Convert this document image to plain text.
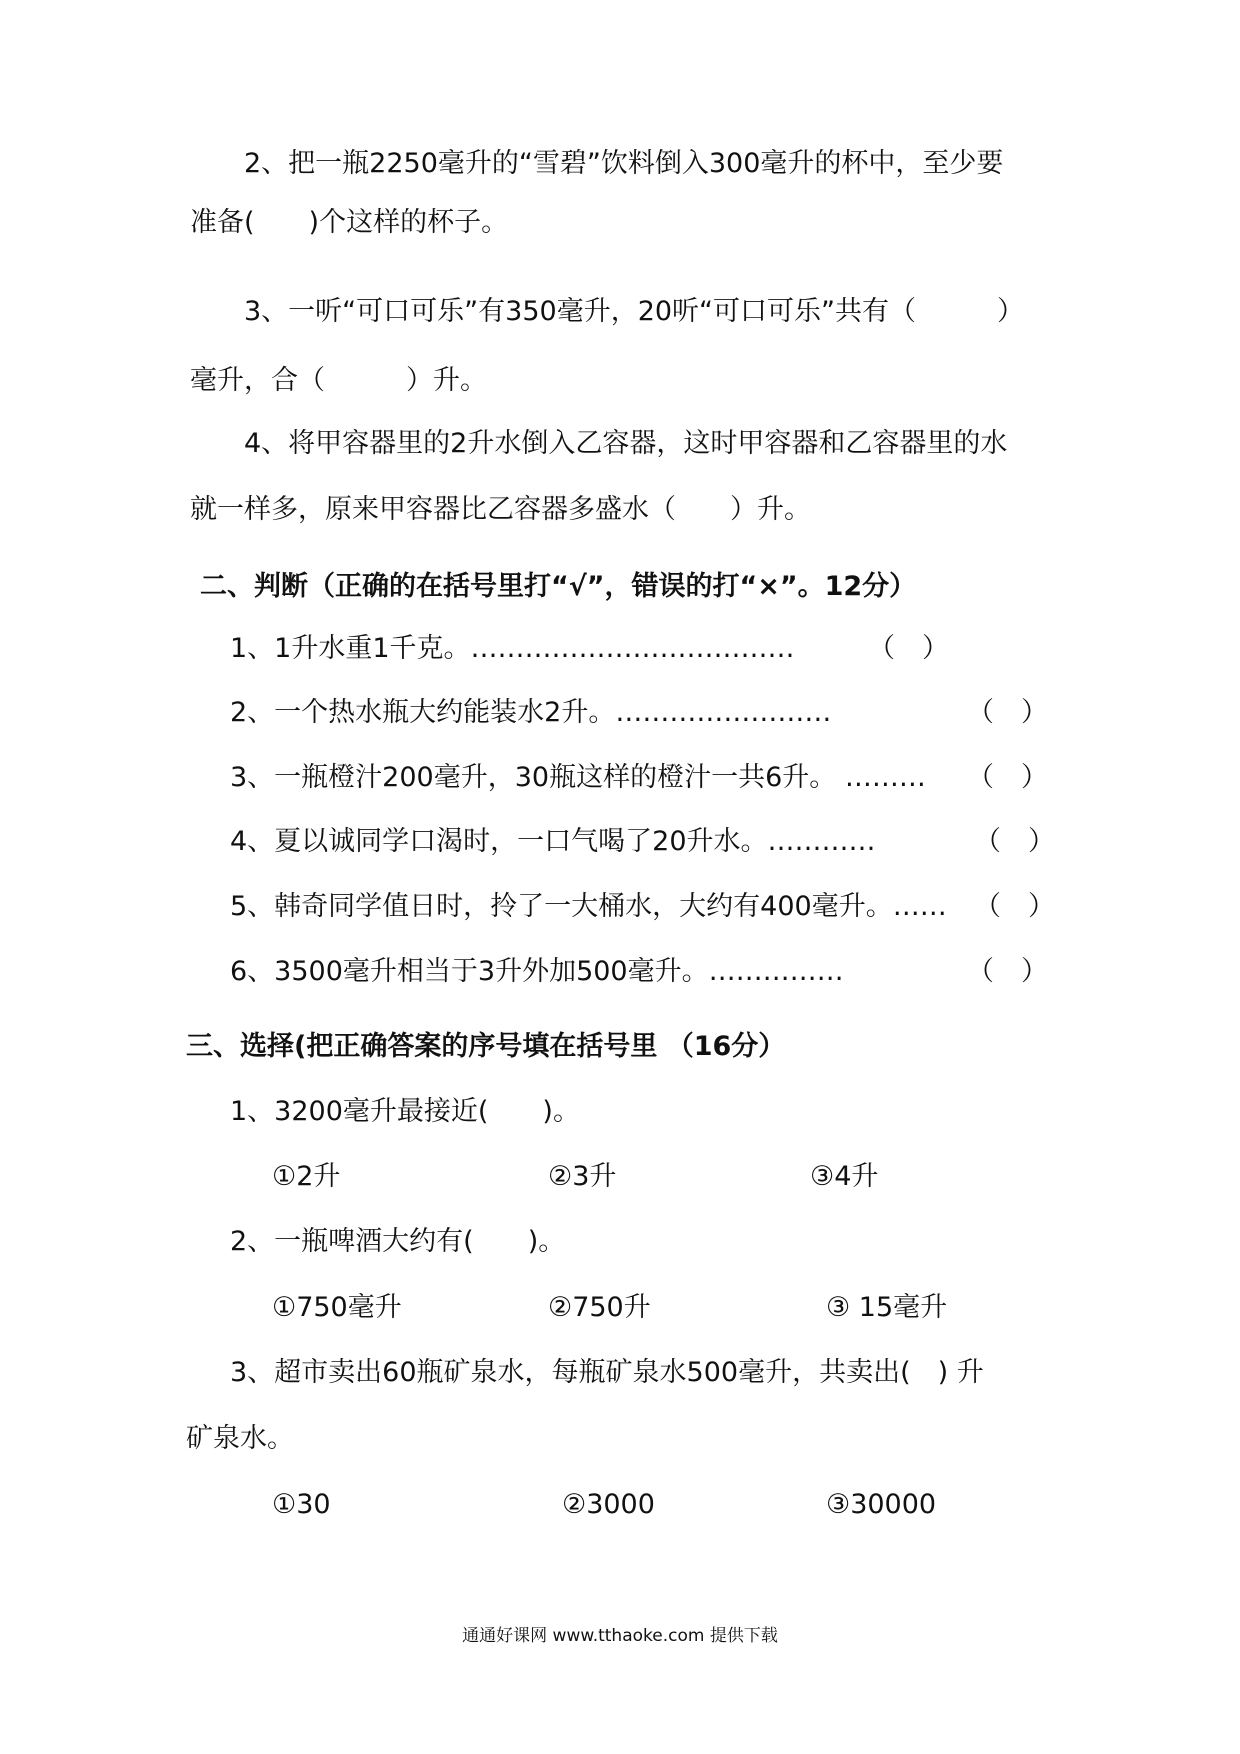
2、把一瓶2250毫升的“雪碧”饮料倒入300毫升的杯中，至少要
准备(　　)个这样的杯子。
3、一听“可口可乐”有350毫升，20听“可口可乐”共有（　　　）
毫升，合（　　　）升。
4、将甲容器里的2升水倒入乙容器，这时甲容器和乙容器里的水
就一样多，原来甲容器比乙容器多盛水（　　）升。
二、判断（正确的在括号里打“√”，错误的打“×”。12分）
1、1升水重1千克。………………………………	（　）
2、一个热水瓶大约能装水2升。……………………	（　）
3、一瓶橙汁200毫升，30瓶这样的橙汁一共6升。 ……… （　）
4、夏以诚同学口渴时，一口气喝了20升水。…………	（　）
5、韩奇同学值日时，拎了一大桶水，大约有400毫升。…… （　）
6、3500毫升相当于3升外加500毫升。……………	（　）
三、选择(把正确答案的序号填在括号里 （16分）
1、3200毫升最接近(　　)。
①2升	②3升	③4升
2、一瓶啤酒大约有(　　)。
①750毫升	②750升	③ 15毫升
3、超市卖出60瓶矿泉水，每瓶矿泉水500毫升，共卖出(　) 升
矿泉水。
①30	②3000	③30000
通通好课网 www.tthaoke.com 提供下载
